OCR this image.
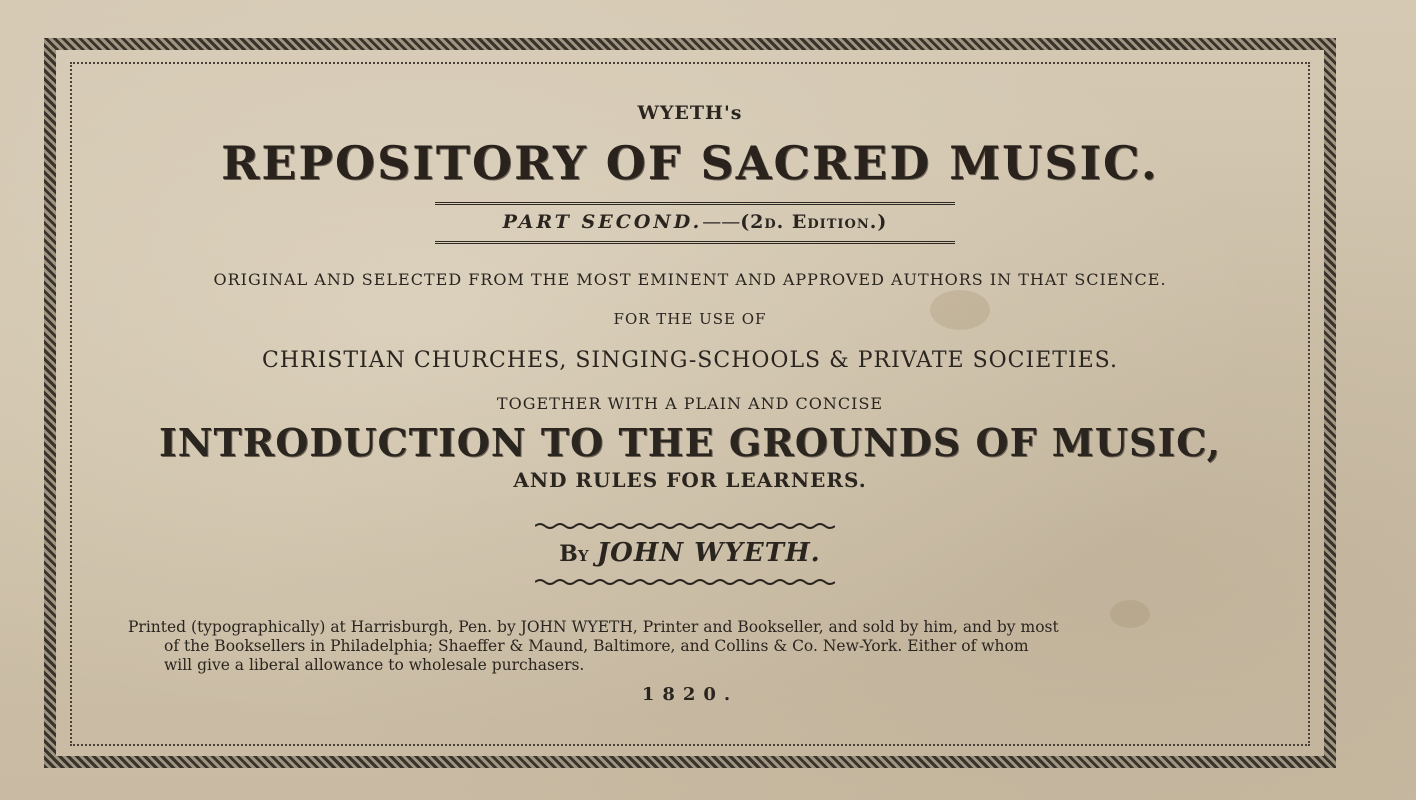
WYETH's
REPOSITORY OF SACRED MUSIC.
PART SECOND.——(2d. Edition.)
ORIGINAL AND SELECTED FROM THE MOST EMINENT AND APPROVED AUTHORS IN THAT SCIENCE.
FOR THE USE OF
CHRISTIAN CHURCHES, SINGING-SCHOOLS & PRIVATE SOCIETIES.
TOGETHER WITH A PLAIN AND CONCISE
INTRODUCTION TO THE GROUNDS OF MUSIC,
AND RULES FOR LEARNERS.
By JOHN WYETH.

Printed (typographically) at Harrisburgh, Pen. by JOHN WYETH, Printer and Bookseller, and sold by him, and by most

of the Booksellers in Philadelphia; Shaeffer & Maund, Baltimore, and Collins & Co. New-York. Either of whom

will give a liberal allowance to wholesale purchasers.

1820.
